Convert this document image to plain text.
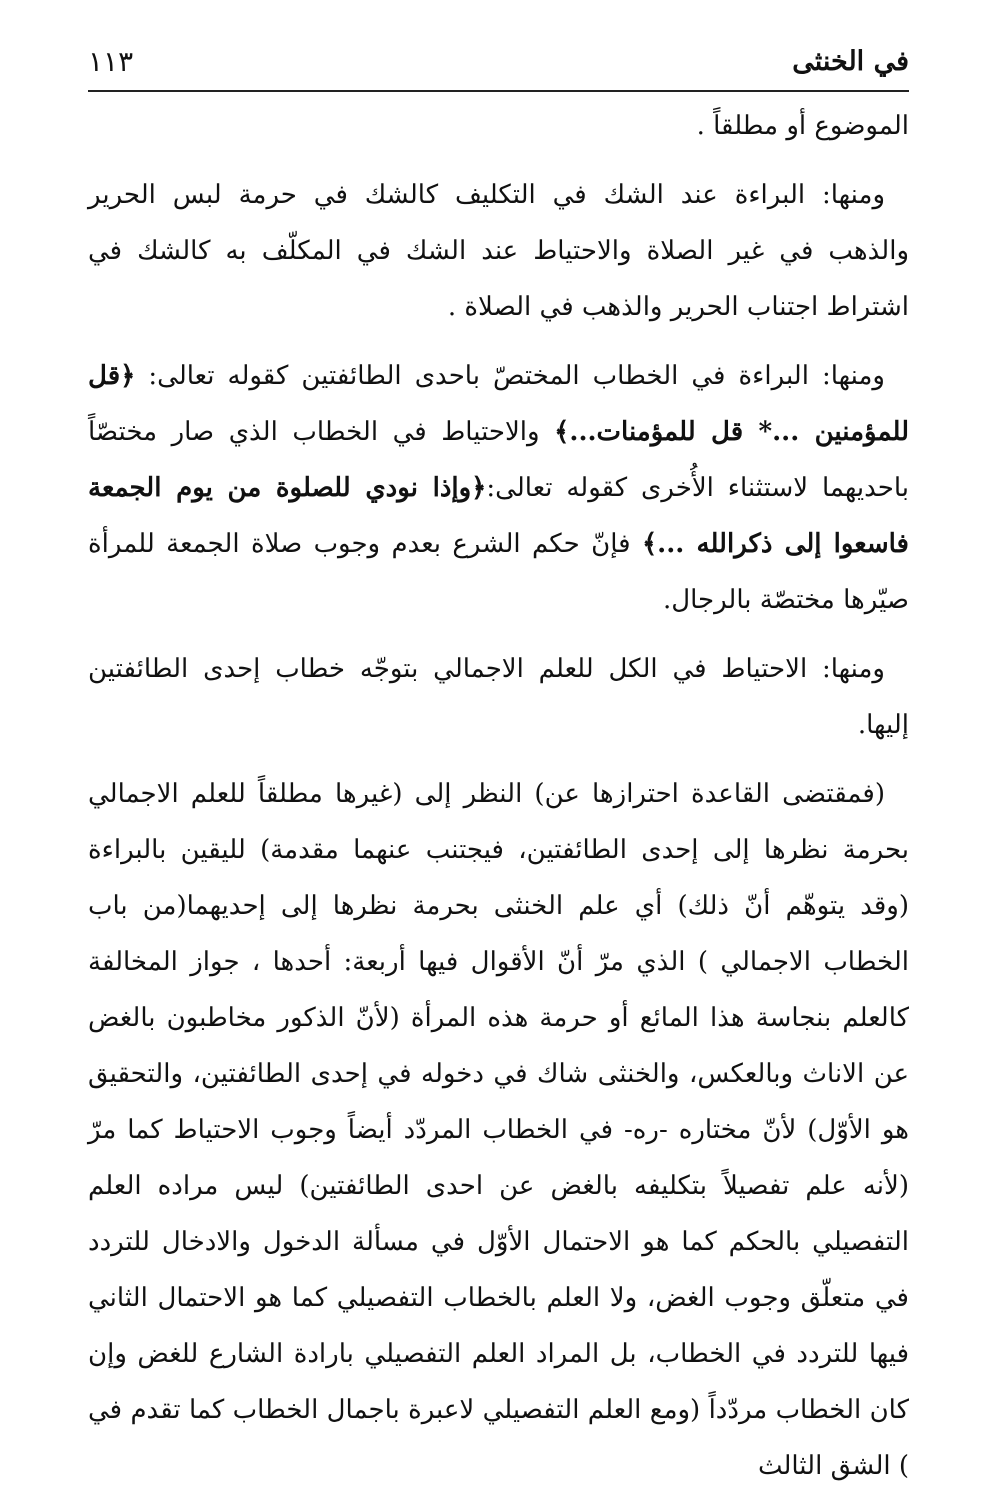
في الخنثى
١١٣

الموضوع أو مطلقاً .

ومنها: البراءة عند الشك في التكليف كالشك في حرمة لبس الحرير والذهب في غير الصلاة والاحتياط عند الشك في المكلّف به كالشك في اشتراط اجتناب الحرير والذهب في الصلاة .

ومنها: البراءة في الخطاب المختصّ باحدى الطائفتين كقوله تعالى: ﴿قل للمؤمنين ...* قل للمؤمنات...﴾ والاحتياط في الخطاب الذي صار مختصّاً باحديهما لاستثناء الأُخرى كقوله تعالى:﴿وإذا نودي للصلوة من يوم الجمعة فاسعوا إلى ذكرالله ...﴾ فإنّ حكم الشرع بعدم وجوب صلاة الجمعة للمرأة صيّرها مختصّة بالرجال.

ومنها: الاحتياط في الكل للعلم الاجمالي بتوجّه خطاب إحدى الطائفتين إليها.

(فمقتضى القاعدة احترازها عن) النظر إلى (غيرها مطلقاً للعلم الاجمالي بحرمة نظرها إلى إحدى الطائفتين، فيجتنب عنهما مقدمة) لليقين بالبراءة (وقد يتوهّم أنّ ذلك) أي علم الخنثى بحرمة نظرها إلى إحديهما(من باب الخطاب الاجمالي ) الذي مرّ أنّ الأقوال فيها أربعة: أحدها ، جواز المخالفة كالعلم بنجاسة هذا المائع أو حرمة هذه المرأة (لأنّ الذكور مخاطبون بالغض عن الاناث وبالعكس، والخنثى شاك في دخوله في إحدى الطائفتين، والتحقيق هو الأوّل) لأنّ مختاره -ره- في الخطاب المردّد أيضاً وجوب الاحتياط كما مرّ (لأنه علم تفصيلاً بتكليفه بالغض عن احدى الطائفتين) ليس مراده العلم التفصيلي بالحكم كما هو الاحتمال الأوّل في مسألة الدخول والادخال للتردد في متعلّق وجوب الغض، ولا العلم بالخطاب التفصيلي كما هو الاحتمال الثاني فيها للتردد في الخطاب، بل المراد العلم التفصيلي بارادة الشارع للغض وإن كان الخطاب مردّداً (ومع العلم التفصيلي لاعبرة باجمال الخطاب كما تقدم في ) الشق الثالث
